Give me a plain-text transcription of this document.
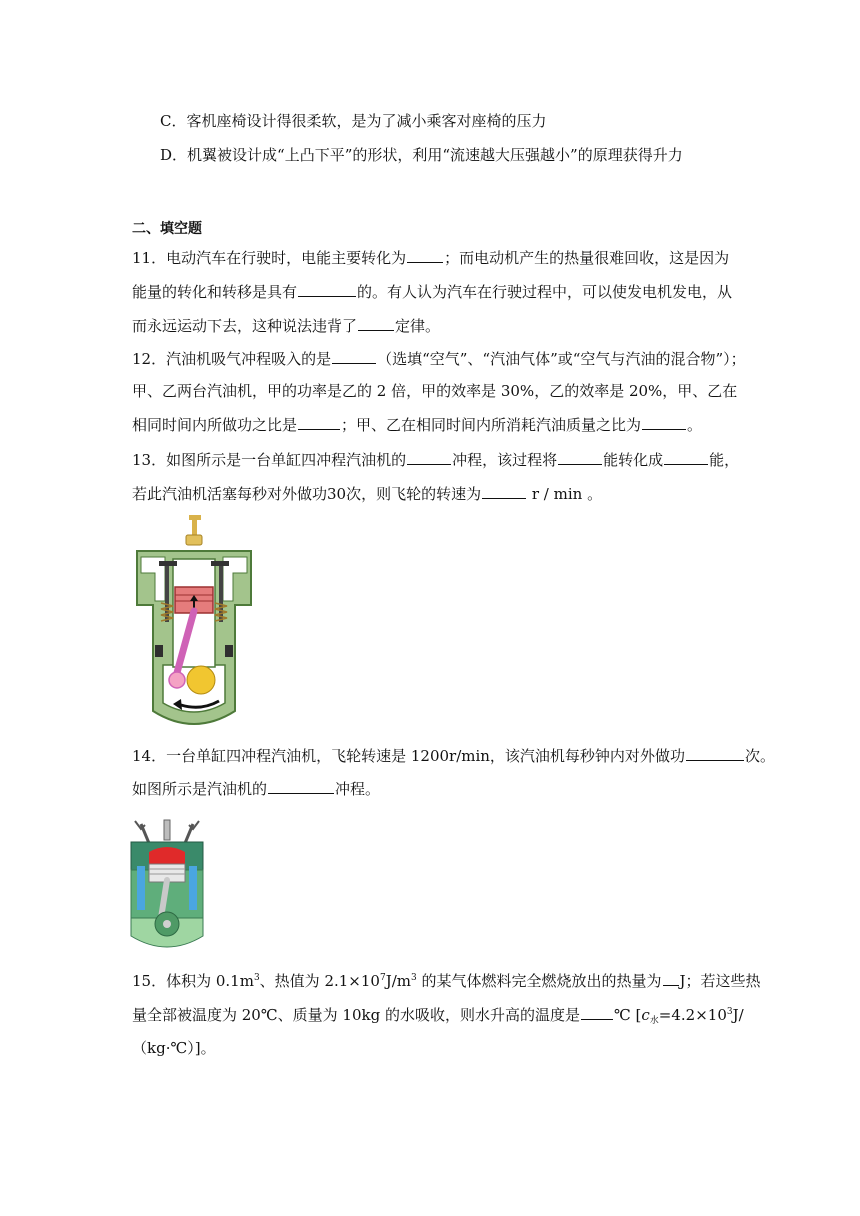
C．客机座椅设计得很柔软，是为了减小乘客对座椅的压力
D．机翼被设计成“上凸下平”的形状，利用“流速越大压强越小”的原理获得升力
二、填空题
11．电动汽车在行驶时，电能主要转化为	；而电动机产生的热量很难回收，这是因为
能量的转化和转移是具有	的。有人认为汽车在行驶过程中，可以使发电机发电，从
而永远运动下去，这种说法违背了	定律。
12．汽油机吸气冲程吸入的是	（选填“空气”、“汽油气体”或“空气与汽油的混合物”）；
甲、乙两台汽油机，甲的功率是乙的 2 倍，甲的效率是 30%，乙的效率是 20%，甲、乙在
相同时间内所做功之比是	；甲、乙在相同时间内所消耗汽油质量之比为	。
13．如图所示是一台单缸四冲程汽油机的	冲程，该过程将	能转化成	能，
若此汽油机活塞每秒对外做功30次，则飞轮的转速为	r / min 。
14．一台单缸四冲程汽油机，飞轮转速是 1200r/min，该汽油机每秒钟内对外做功	次。
如图所示是汽油机的	冲程。
15．体积为 $0.1m^3$、热值为 $2.1\times 10^7J/m^3$ 的某气体燃料完全燃烧放出的热量为 J；若这些热
量全部被温度为 20℃、质量为 10kg 的水吸收，则水升高的温度是 ℃ [$c_水=4.2\times 10^3J/$
（kg·℃）]。
